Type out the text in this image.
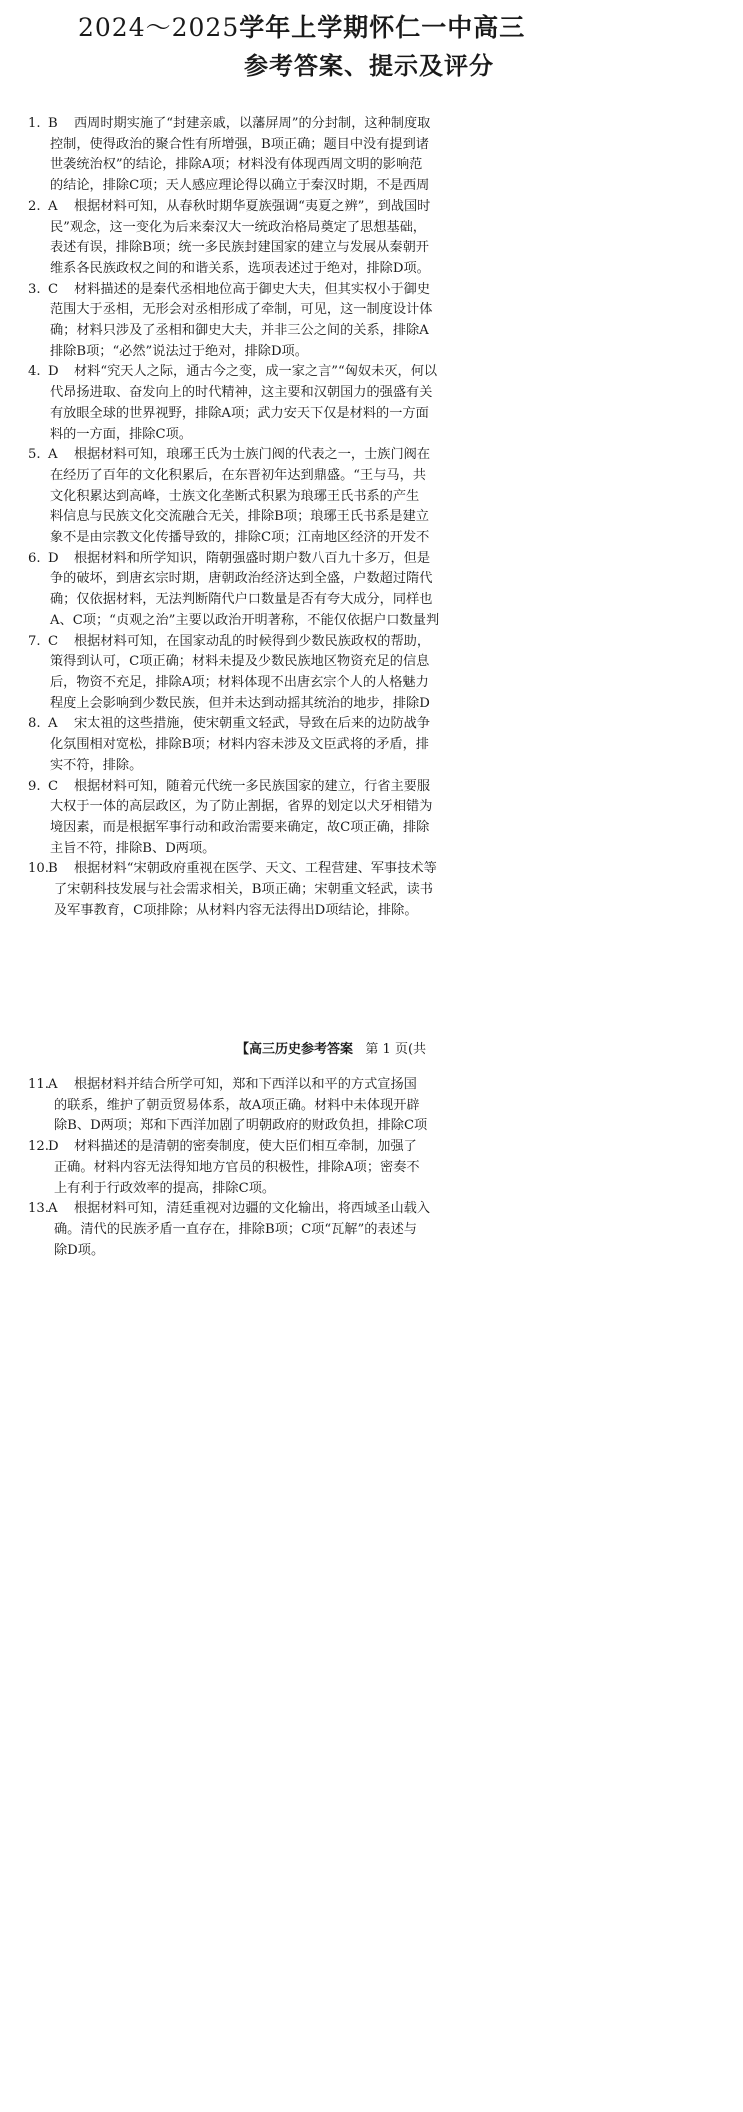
2024～2025学年上学期怀仁一中高三
参考答案、提示及评分
1. B 西周时期实施了“封建亲戚，以藩屏周”的分封制，这种制度取
控制，使得政治的聚合性有所增强，B项正确；题目中没有提到诸
世袭统治权”的结论，排除A项；材料没有体现西周文明的影响范
的结论，排除C项；天人感应理论得以确立于秦汉时期，不是西周
2. A 根据材料可知，从春秋时期华夏族强调“夷夏之辨”，到战国时
民”观念，这一变化为后来秦汉大一统政治格局奠定了思想基础，
表述有误，排除B项；统一多民族封建国家的建立与发展从秦朝开
维系各民族政权之间的和谐关系，选项表述过于绝对，排除D项。
3. C 材料描述的是秦代丞相地位高于御史大夫，但其实权小于御史
范围大于丞相，无形会对丞相形成了牵制，可见，这一制度设计体
确；材料只涉及了丞相和御史大夫，并非三公之间的关系，排除A
排除B项；“必然”说法过于绝对，排除D项。
4. D 材料“究天人之际，通古今之变，成一家之言”“匈奴未灭，何以
代昂扬进取、奋发向上的时代精神，这主要和汉朝国力的强盛有关
有放眼全球的世界视野，排除A项；武力安天下仅是材料的一方面
料的一方面，排除C项。
5. A 根据材料可知，琅琊王氏为士族门阀的代表之一，士族门阀在
在经历了百年的文化积累后，在东晋初年达到鼎盛。“王与马，共
文化积累达到高峰，士族文化垄断式积累为琅琊王氏书系的产生
料信息与民族文化交流融合无关，排除B项；琅琊王氏书系是建立
象不是由宗教文化传播导致的，排除C项；江南地区经济的开发不
6. D 根据材料和所学知识，隋朝强盛时期户数八百九十多万，但是
争的破坏，到唐玄宗时期，唐朝政治经济达到全盛，户数超过隋代
确；仅依据材料，无法判断隋代户口数量是否有夸大成分，同样也
A、C项；“贞观之治”主要以政治开明著称，不能仅依据户口数量判
7. C 根据材料可知，在国家动乱的时候得到少数民族政权的帮助，
策得到认可，C项正确；材料未提及少数民族地区物资充足的信息
后，物资不充足，排除A项；材料体现不出唐玄宗个人的人格魅力
程度上会影响到少数民族，但并未达到动摇其统治的地步，排除D
8. A 宋太祖的这些措施，使宋朝重文轻武，导致在后来的边防战争
化氛围相对宽松，排除B项；材料内容未涉及文臣武将的矛盾，排
实不符，排除。
9. C 根据材料可知，随着元代统一多民族国家的建立，行省主要服
大权于一体的高层政区，为了防止割据，省界的划定以犬牙相错为
境因素，而是根据军事行动和政治需要来确定，故C项正确，排除
主旨不符，排除B、D两项。
10.B 根据材料“宋朝政府重视在医学、天文、工程营建、军事技术等
了宋朝科技发展与社会需求相关，B项正确；宋朝重文轻武，读书
及军事教育，C项排除；从材料内容无法得出D项结论，排除。
【高三历史参考答案 第 1 页(共
11.A 根据材料并结合所学可知，郑和下西洋以和平的方式宣扬国
的联系，维护了朝贡贸易体系，故A项正确。材料中未体现开辟
除B、D两项；郑和下西洋加剧了明朝政府的财政负担，排除C项
12.D 材料描述的是清朝的密奏制度，使大臣们相互牵制，加强了
正确。材料内容无法得知地方官员的积极性，排除A项；密奏不
上有利于行政效率的提高，排除C项。
13.A 根据材料可知，清廷重视对边疆的文化输出，将西域圣山载入
确。清代的民族矛盾一直存在，排除B项；C项“瓦解”的表述与
除D项。
